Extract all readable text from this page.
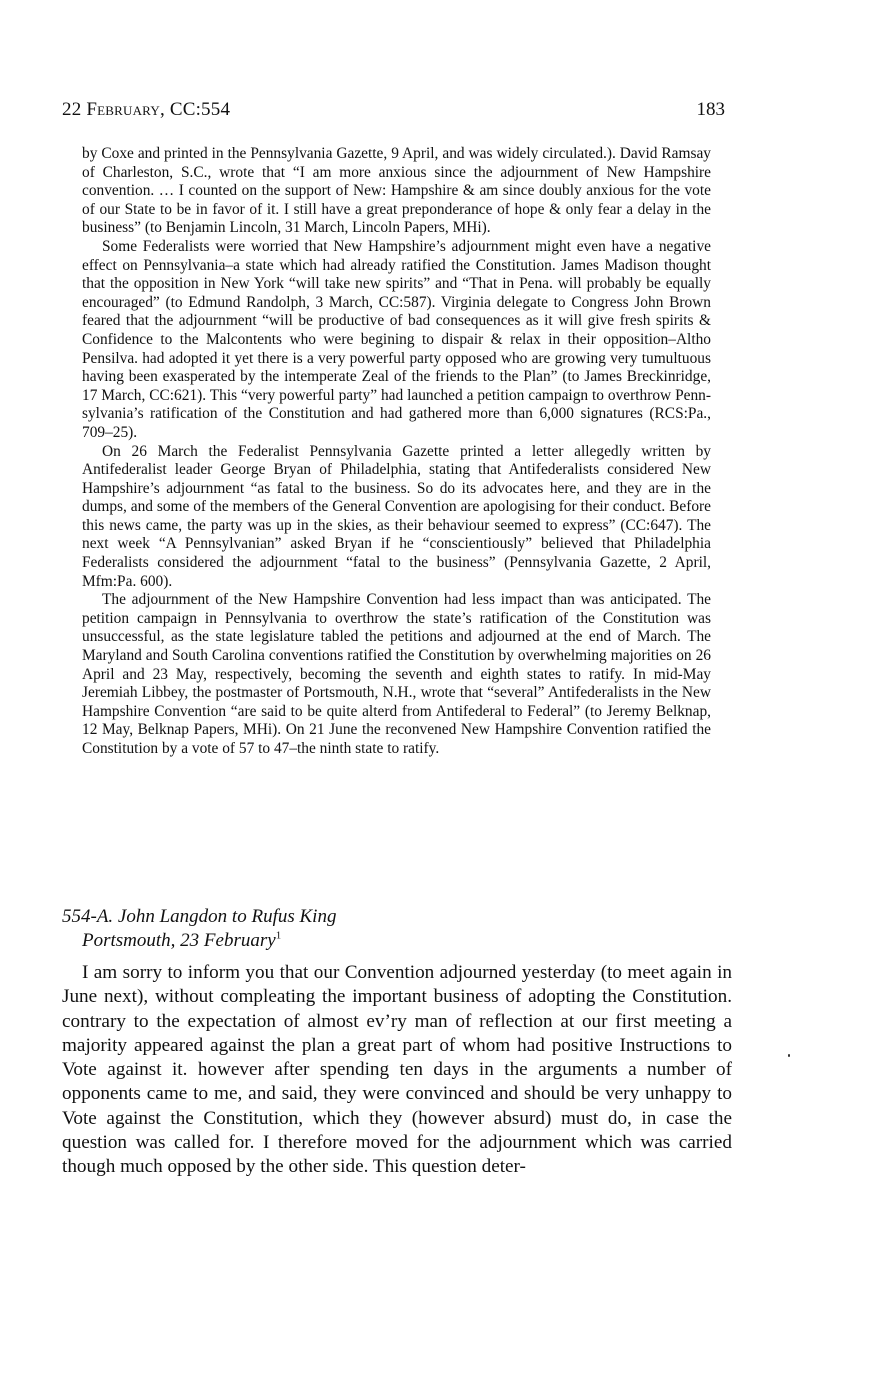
22 February, CC:554	183

by Coxe and printed in the Pennsylvania Gazette, 9 April, and was widely circulated.). David Ramsay of Charleston, S.C., wrote that “I am more anxious since the adjournment of New Hampshire convention. … I counted on the support of New: Hampshire & am since doubly anxious for the vote of our State to be in favor of it. I still have a great preponderance of hope & only fear a delay in the business” (to Benjamin Lincoln, 31 March, Lincoln Papers, MHi).

Some Federalists were worried that New Hampshire’s adjournment might even have a negative effect on Pennsylvania–a state which had already ratified the Constitution. James Madison thought that the opposition in New York “will take new spirits” and “That in Pena. will probably be equally encouraged” (to Edmund Randolph, 3 March, CC:587). Virginia delegate to Congress John Brown feared that the adjournment “will be productive of bad consequences as it will give fresh spirits & Confidence to the Malcontents who were begining to dispair & relax in their opposition–Altho Pensilva. had adopted it yet there is a very powerful party opposed who are growing very tumultuous having been exasperated by the intemperate Zeal of the friends to the Plan” (to James Breckinridge, 17 March, CC:621). This “very powerful party” had launched a petition campaign to overthrow Pennsylvania’s ratification of the Constitution and had gathered more than 6,000 signatures (RCS:Pa., 709–25).

On 26 March the Federalist Pennsylvania Gazette printed a letter allegedly written by Antifederalist leader George Bryan of Philadelphia, stating that Antifederalists considered New Hampshire’s adjournment “as fatal to the business. So do its advocates here, and they are in the dumps, and some of the members of the General Convention are apologising for their conduct. Before this news came, the party was up in the skies, as their behaviour seemed to express” (CC:647). The next week “A Pennsylvanian” asked Bryan if he “conscientiously” believed that Philadelphia Federalists considered the adjournment “fatal to the business” (Pennsylvania Gazette, 2 April, Mfm:Pa. 600).

The adjournment of the New Hampshire Convention had less impact than was anticipated. The petition campaign in Pennsylvania to overthrow the state’s ratification of the Constitution was unsuccessful, as the state legislature tabled the petitions and adjourned at the end of March. The Maryland and South Carolina conventions ratified the Constitution by overwhelming majorities on 26 April and 23 May, respectively, becoming the seventh and eighth states to ratify. In mid-May Jeremiah Libbey, the postmaster of Portsmouth, N.H., wrote that “several” Antifederalists in the New Hampshire Convention “are said to be quite alterd from Antifederal to Federal” (to Jeremy Belknap, 12 May, Belknap Papers, MHi). On 21 June the reconvened New Hampshire Convention ratified the Constitution by a vote of 57 to 47–the ninth state to ratify.

554-A. John Langdon to Rufus King
Portsmouth, 23 February$^1$

I am sorry to inform you that our Convention adjourned yesterday (to meet again in June next), without compleating the important business of adopting the Constitution. contrary to the expectation of almost ev’ry man of reflection at our first meeting a majority appeared against the plan a great part of whom had positive Instructions to Vote against it. however after spending ten days in the arguments a number of opponents came to me, and said, they were convinced and should be very unhappy to Vote against the Constitution, which they (however absurd) must do, in case the question was called for. I therefore moved for the adjournment which was carried though much opposed by the other side. This question deter-
